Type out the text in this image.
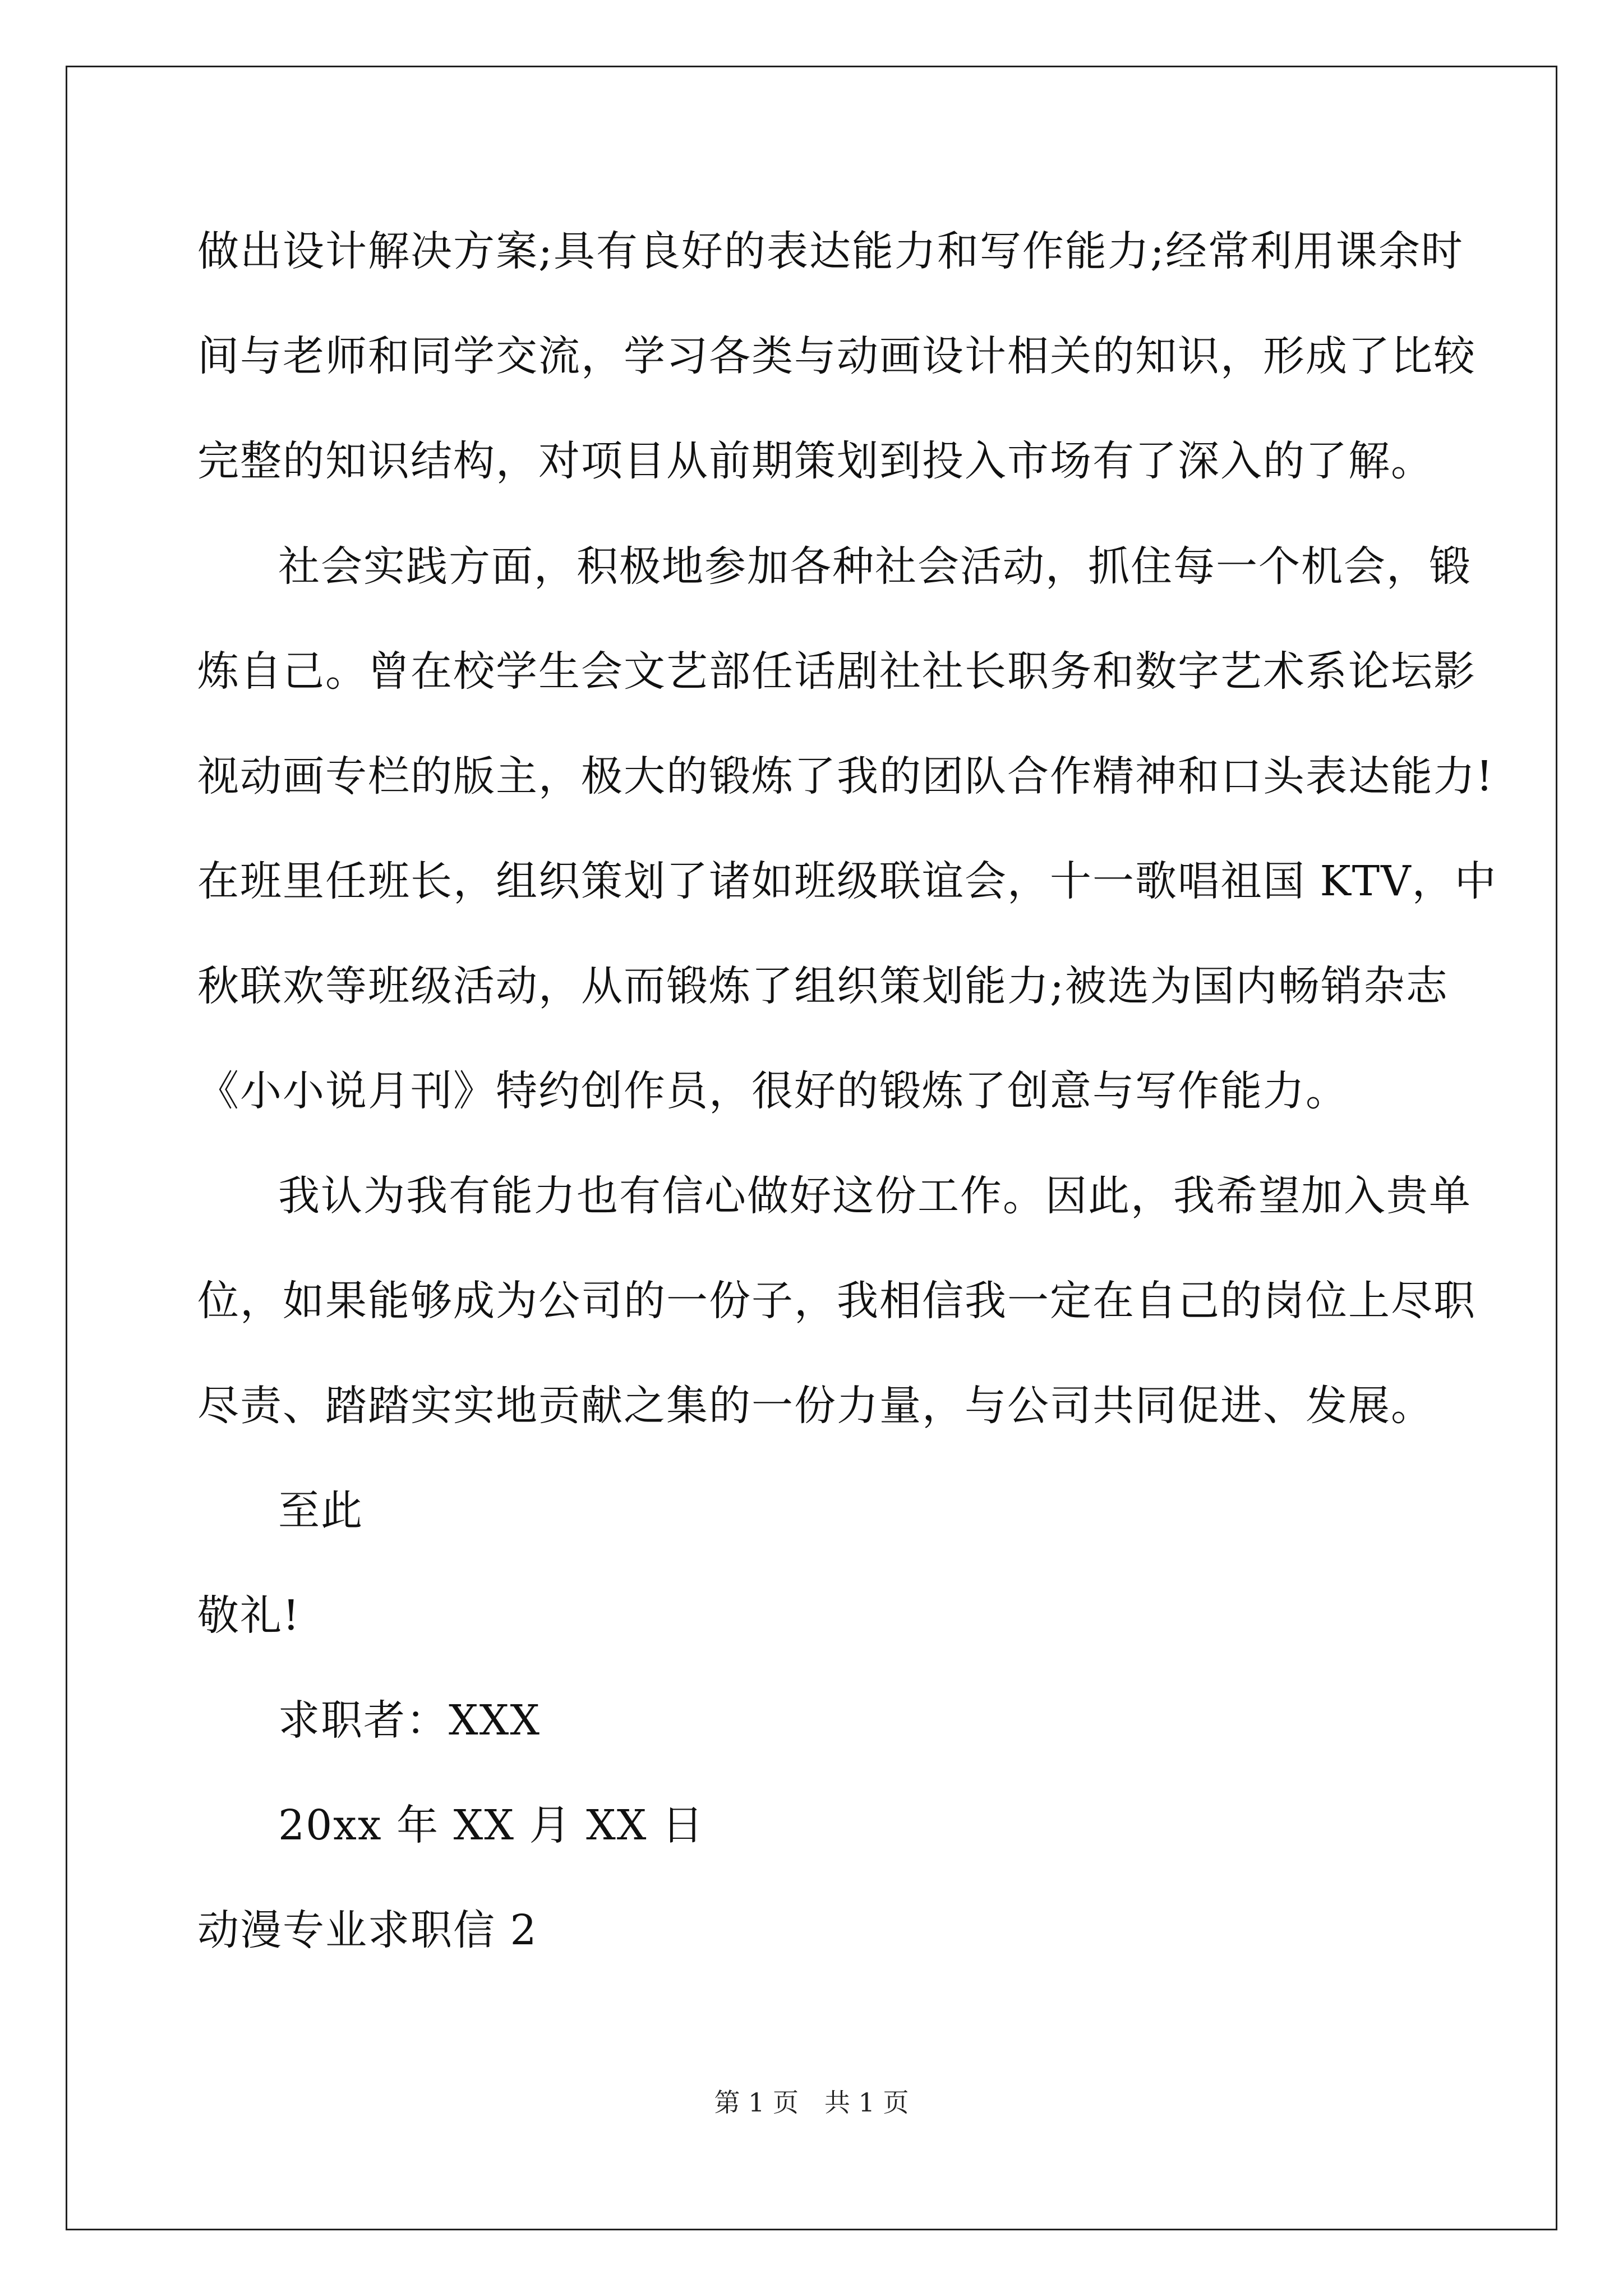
做出设计解决方案;具有良好的表达能力和写作能力;经常利用课余时
间与老师和同学交流，学习各类与动画设计相关的知识，形成了比较
完整的知识结构，对项目从前期策划到投入市场有了深入的了解。
社会实践方面，积极地参加各种社会活动，抓住每一个机会，锻
炼自己。曾在校学生会文艺部任话剧社社长职务和数字艺术系论坛影
视动画专栏的版主，极大的锻炼了我的团队合作精神和口头表达能力!
在班里任班长，组织策划了诸如班级联谊会，十一歌唱祖国 KTV，中
秋联欢等班级活动，从而锻炼了组织策划能力;被选为国内畅销杂志
《小小说月刊》特约创作员，很好的锻炼了创意与写作能力。
我认为我有能力也有信心做好这份工作。因此，我希望加入贵单
位，如果能够成为公司的一份子，我相信我一定在自己的岗位上尽职
尽责、踏踏实实地贡献之集的一份力量，与公司共同促进、发展。
至此
敬礼!
求职者：XXX
20xx 年 XX 月 XX 日
动漫专业求职信 2
第 1 页　共 1 页
